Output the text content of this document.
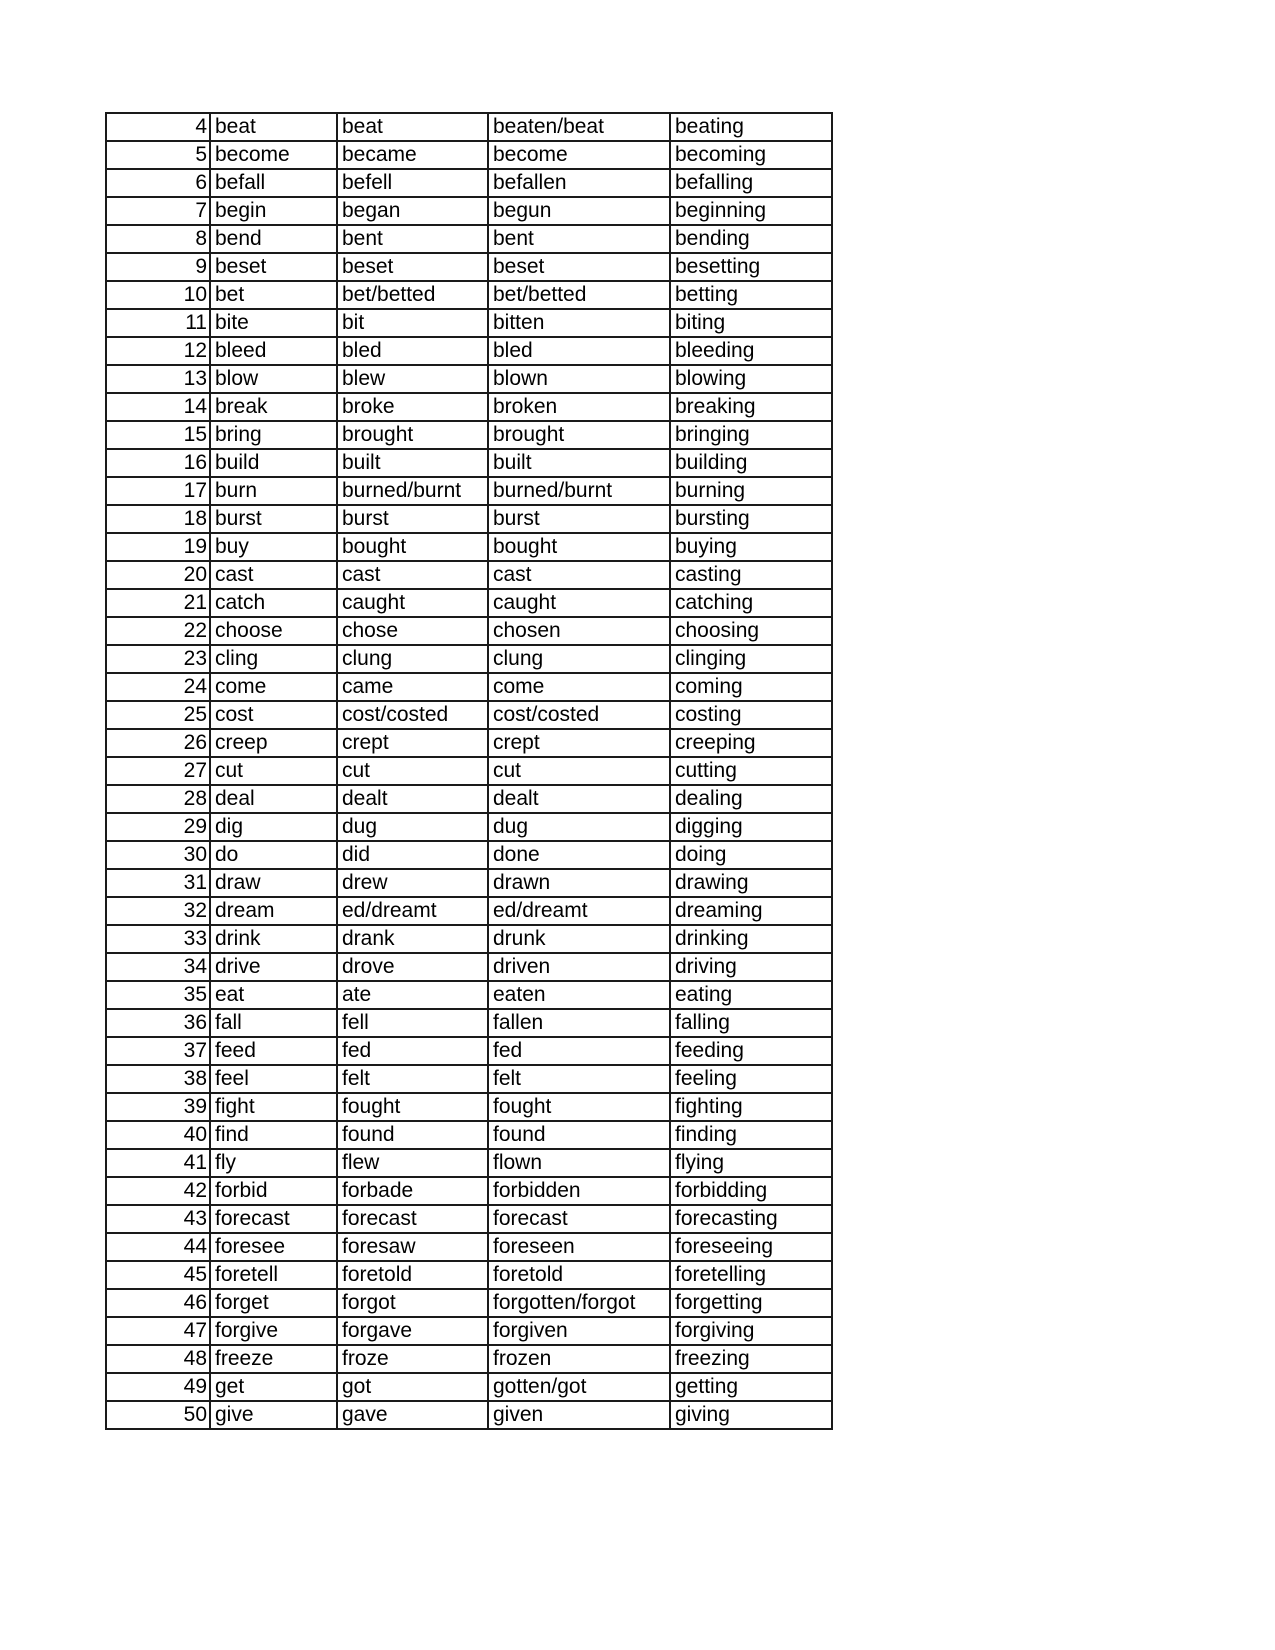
4	beat	beat	beaten/beat	beating
5	become	became	become	becoming
6	befall	befell	befallen	befalling
7	begin	began	begun	beginning
8	bend	bent	bent	bending
9	beset	beset	beset	besetting
10	bet	bet/betted	bet/betted	betting
11	bite	bit	bitten	biting
12	bleed	bled	bled	bleeding
13	blow	blew	blown	blowing
14	break	broke	broken	breaking
15	bring	brought	brought	bringing
16	build	built	built	building
17	burn	burned/burnt	burned/burnt	burning
18	burst	burst	burst	bursting
19	buy	bought	bought	buying
20	cast	cast	cast	casting
21	catch	caught	caught	catching
22	choose	chose	chosen	choosing
23	cling	clung	clung	clinging
24	come	came	come	coming
25	cost	cost/costed	cost/costed	costing
26	creep	crept	crept	creeping
27	cut	cut	cut	cutting
28	deal	dealt	dealt	dealing
29	dig	dug	dug	digging
30	do	did	done	doing
31	draw	drew	drawn	drawing
32	dream	ed/dreamt	ed/dreamt	dreaming
33	drink	drank	drunk	drinking
34	drive	drove	driven	driving
35	eat	ate	eaten	eating
36	fall	fell	fallen	falling
37	feed	fed	fed	feeding
38	feel	felt	felt	feeling
39	fight	fought	fought	fighting
40	find	found	found	finding
41	fly	flew	flown	flying
42	forbid	forbade	forbidden	forbidding
43	forecast	forecast	forecast	forecasting
44	foresee	foresaw	foreseen	foreseeing
45	foretell	foretold	foretold	foretelling
46	forget	forgot	forgotten/forgot	forgetting
47	forgive	forgave	forgiven	forgiving
48	freeze	froze	frozen	freezing
49	get	got	gotten/got	getting
50	give	gave	given	giving
